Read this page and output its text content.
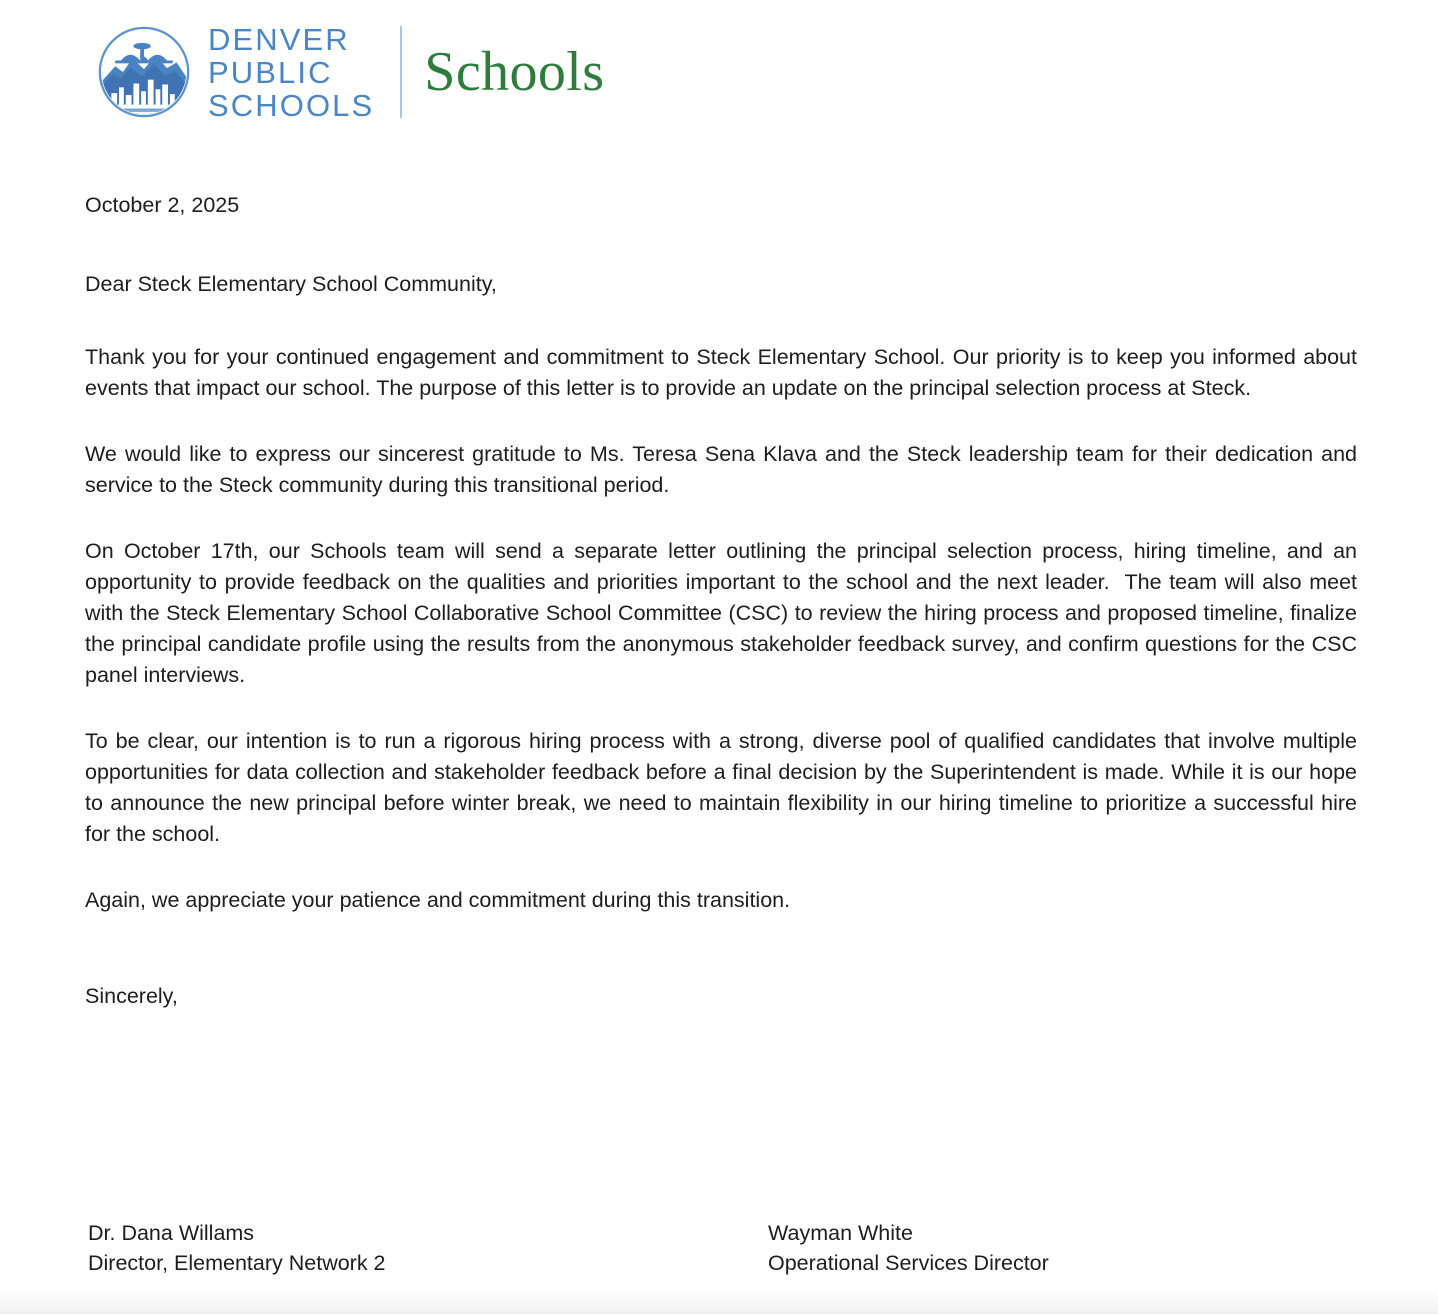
DENVER
PUBLIC
SCHOOLS
Schools

October 2, 2025

Dear Steck Elementary School Community,

Thank you for your continued engagement and commitment to Steck Elementary School. Our priority is to keep you informed about events that impact our school. The purpose of this letter is to provide an update on the principal selection process at Steck.

We would like to express our sincerest gratitude to Ms. Teresa Sena Klava and the Steck leadership team for their dedication and service to the Steck community during this transitional period.

On October 17th, our Schools team will send a separate letter outlining the principal selection process, hiring timeline, and an opportunity to provide feedback on the qualities and priorities important to the school and the next leader.  The team will also meet with the Steck Elementary School Collaborative School Committee (CSC) to review the hiring process and proposed timeline, finalize the principal candidate profile using the results from the anonymous stakeholder feedback survey, and confirm questions for the CSC panel interviews.

To be clear, our intention is to run a rigorous hiring process with a strong, diverse pool of qualified candidates that involve multiple opportunities for data collection and stakeholder feedback before a final decision by the Superintendent is made. While it is our hope to announce the new principal before winter break, we need to maintain flexibility in our hiring timeline to prioritize a successful hire for the school.

Again, we appreciate your patience and commitment during this transition.

Sincerely,

Dr. Dana Willams
Director, Elementary Network 2
Wayman White
Operational Services Director
